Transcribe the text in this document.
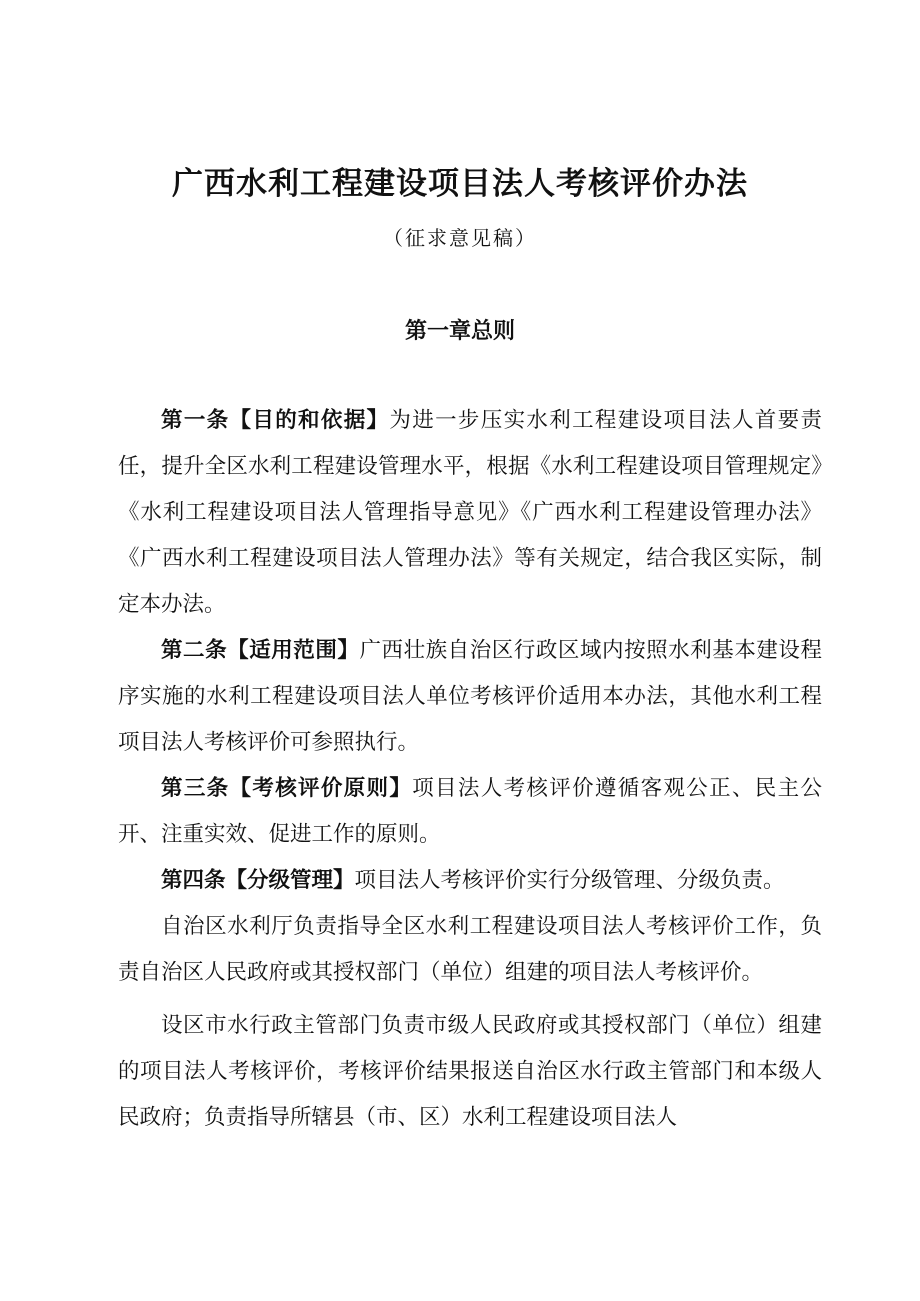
广西水利工程建设项目法人考核评价办法
（征求意见稿）
第一章总则

第一条【目的和依据】为进一步压实水利工程建设项目法人首要责任，提升全区水利工程建设管理水平，根据《水利工程建设项目管理规定》《水利工程建设项目法人管理指导意见》《广西水利工程建设管理办法》《广西水利工程建设项目法人管理办法》等有关规定，结合我区实际，制定本办法。

第二条【适用范围】广西壮族自治区行政区域内按照水利基本建设程序实施的水利工程建设项目法人单位考核评价适用本办法，其他水利工程项目法人考核评价可参照执行。

第三条【考核评价原则】项目法人考核评价遵循客观公正、民主公开、注重实效、促进工作的原则。

第四条【分级管理】项目法人考核评价实行分级管理、分级负责。

自治区水利厅负责指导全区水利工程建设项目法人考核评价工作，负责自治区人民政府或其授权部门（单位）组建的项目法人考核评价。

设区市水行政主管部门负责市级人民政府或其授权部门（单位）组建的项目法人考核评价，考核评价结果报送自治区水行政主管部门和本级人民政府；负责指导所辖县（市、区）水利工程建设项目法人
